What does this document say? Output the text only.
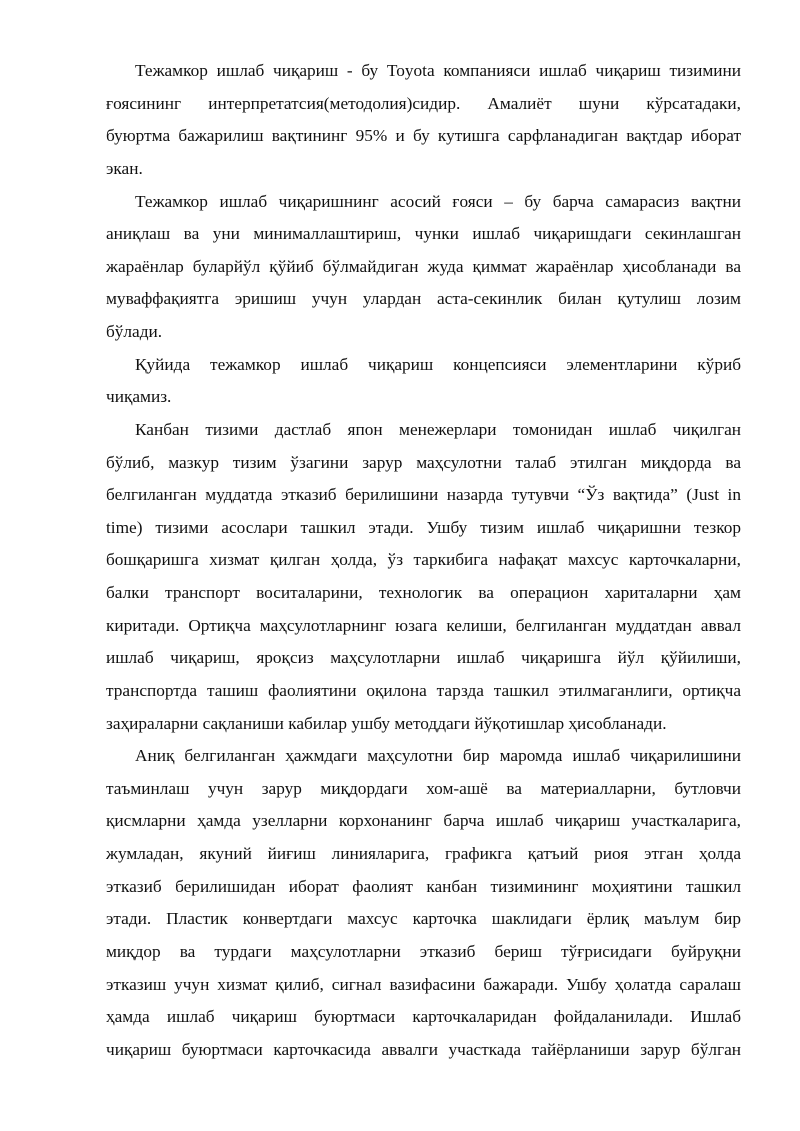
Тежамкор ишлаб чиқариш - бу Toyota компанияси ишлаб чиқариш тизимини
ғоясининг интерпретатсия(методолия)сидир. Амалиёт шуни кўрсатадаки,
буюртма бажарилиш вақтининг 95% и бу кутишга сарфланадиган вақтдар иборат
экан.
Тежамкор ишлаб чиқаришнинг асосий ғояси – бу барча самарасиз вақтни
аниқлаш ва уни минималлаштириш, чунки ишлаб чиқаришдаги секинлашган
жараёнлар буларйўл қўйиб бўлмайдиган жуда қиммат жараёнлар ҳисобланади ва
муваффақиятга эришиш учун улардан аста-секинлик билан қутулиш лозим
бўлади.
Қуйида тежамкор ишлаб чиқариш концепсияси элементларини кўриб
чиқамиз.
Канбан тизими дастлаб япон менежерлари томонидан ишлаб чиқилган
бўлиб, мазкур тизим ўзагини зарур маҳсулотни талаб этилган миқдорда ва
белгиланган муддатда этказиб берилишини назарда тутувчи “Ўз вақтида” (Just in
time) тизими асослари ташкил этади. Ушбу тизим ишлаб чиқаришни тезкор
бошқаришга хизмат қилган ҳолда, ўз таркибига нафақат махсус карточкаларни,
балки транспорт воситаларини, технологик ва операцион хариталарни ҳам
киритади. Ортиқча маҳсулотларнинг юзага келиши, белгиланган муддатдан аввал
ишлаб чиқариш, яроқсиз маҳсулотларни ишлаб чиқаришга йўл қўйилиши,
транспортда ташиш фаолиятини оқилона тарзда ташкил этилмаганлиги, ортиқча
заҳираларни сақланиши кабилар ушбу методдаги йўқотишлар ҳисобланади.
Аниқ белгиланган ҳажмдаги маҳсулотни бир маромда ишлаб чиқарилишини
таъминлаш учун зарур миқдордаги хом-ашё ва материалларни, бутловчи
қисмларни ҳамда узелларни корхонанинг барча ишлаб чиқариш участкаларига,
жумладан, якуний йиғиш линияларига, графикга қатъий риоя этган ҳолда
этказиб берилишидан иборат фаолият канбан тизимининг моҳиятини ташкил
этади. Пластик конвертдаги махсус карточка шаклидаги ёрлиқ маълум бир
миқдор ва турдаги маҳсулотларни этказиб бериш тўғрисидаги буйруқни
этказиш учун хизмат қилиб, сигнал вазифасини бажаради. Ушбу ҳолатда саралаш
ҳамда ишлаб чиқариш буюртмаси карточкаларидан фойдаланилади. Ишлаб
чиқариш буюртмаси карточкасида аввалги участкада тайёрланиши зарур бўлган
